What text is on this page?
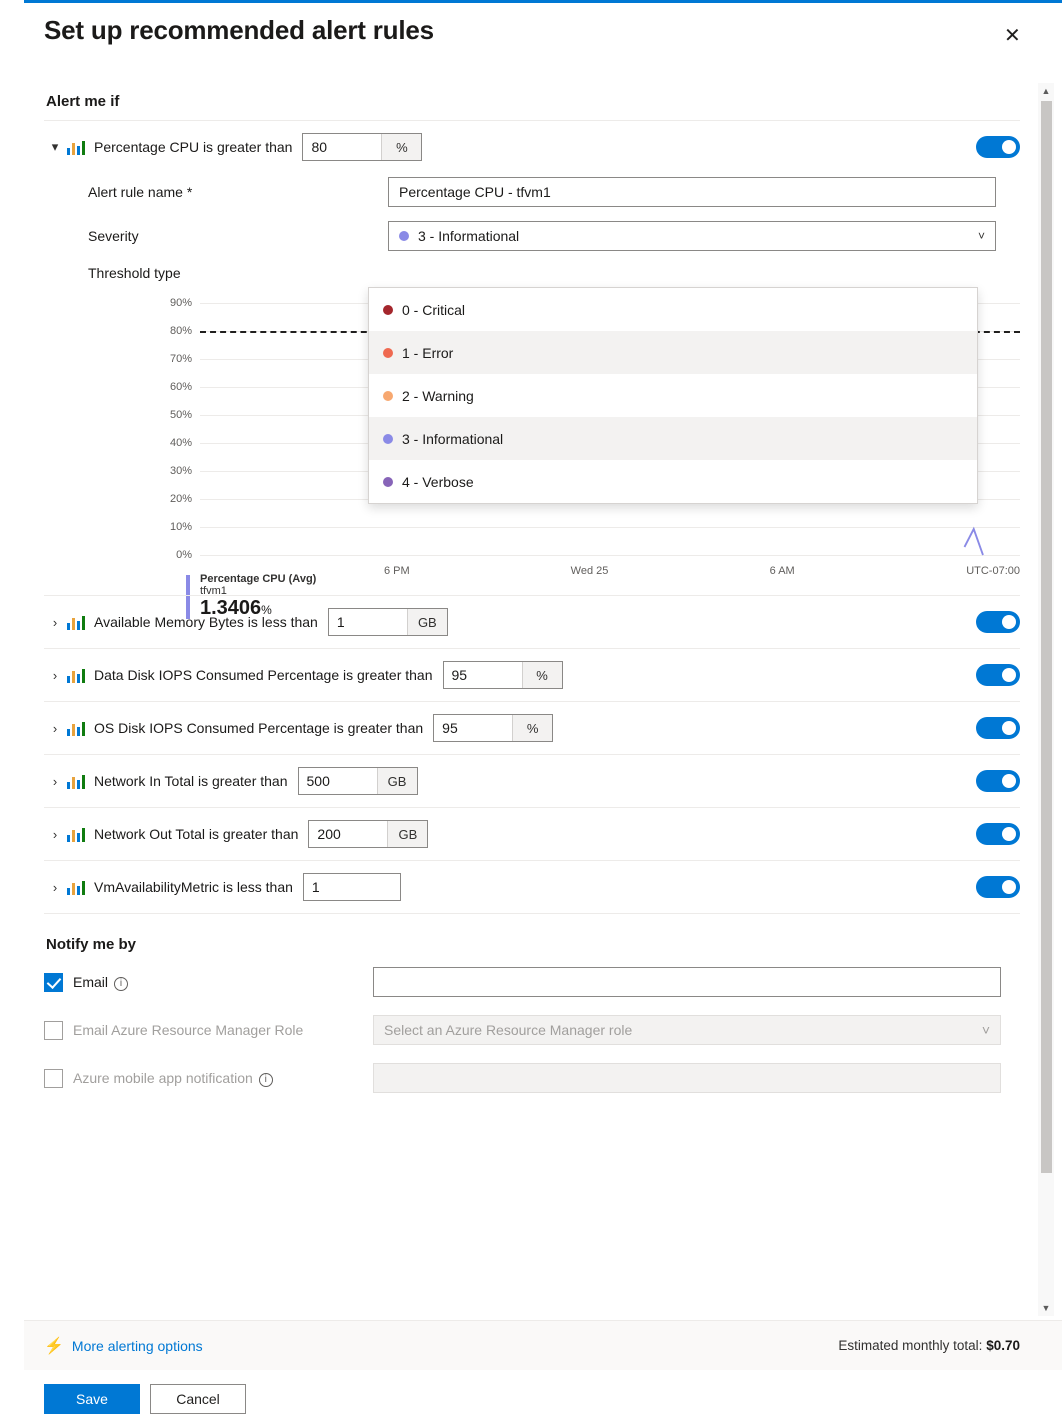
Set up recommended alert rules	✕
Alert me if
▾	Percentage CPU is greater than
80	%
Alert rule name *
Percentage CPU - tfvm1
Severity	3 - Informational	˅
Threshold type
90%
80%
70%
60%
50%
40%
30%
20%
10%
0%
6 PM	Wed 25	6 AM	UTC-07:00
Percentage CPU (Avg)
tfvm1
1.3406%
›	Available Memory Bytes is less than
1	GB
›	Data Disk IOPS Consumed Percentage is greater than
95	%
›	OS Disk IOPS Consumed Percentage is greater than
95	%
›	Network In Total is greater than
500	GB
›	Network Out Total is greater than
200	GB
›	VmAvailabilityMetric is less than
1
Notify me by
Email i
Email Azure Resource Manager Role	Select an Azure Resource Manager role	˅
Azure mobile app notification i
0 - Critical
1 - Error
2 - Warning
3 - Informational
4 - Verbose
▲
▼
⚡ More alerting options	Estimated monthly total: $0.70
Save	Cancel
